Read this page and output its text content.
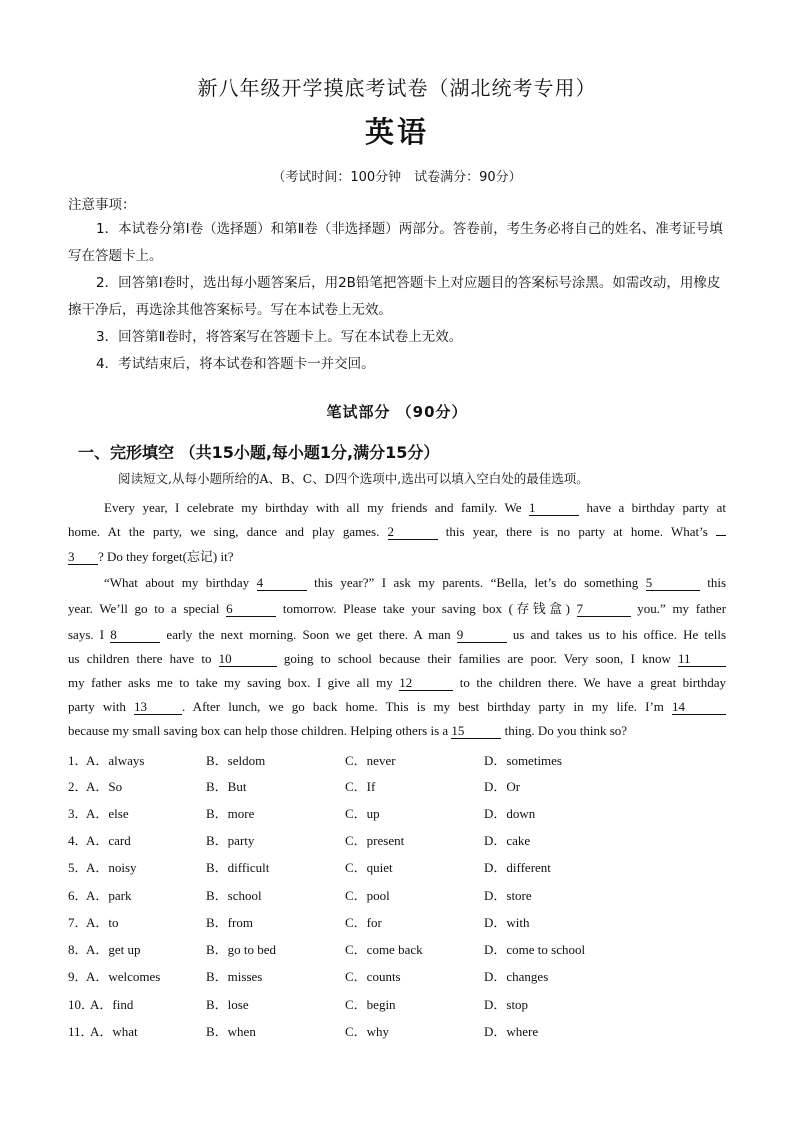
新八年级开学摸底考试卷（湖北统考专用）
英语
（考试时间：100分钟　试卷满分：90分）
注意事项：
1．本试卷分第Ⅰ卷（选择题）和第Ⅱ卷（非选择题）两部分。答卷前，考生务必将自己的姓名、准考证号填写在答题卡上。
2．回答第Ⅰ卷时，选出每小题答案后，用2B铅笔把答题卡上对应题目的答案标号涂黑。如需改动，用橡皮擦干净后，再选涂其他答案标号。写在本试卷上无效。
3．回答第Ⅱ卷时，将答案写在答题卡上。写在本试卷上无效。
4．考试结束后，将本试卷和答题卡一并交回。
笔试部分 （90分）
一、完形填空 （共15小题,每小题1分,满分15分）
阅读短文,从每小题所给的A、B、C、D四个选项中,选出可以填入空白处的最佳选项。
Every year, I celebrate my birthday with all my friends and family. We 1	have a birthday party at
home. At the party, we sing, dance and play games. 2	this year, there is no party at home. What’s
3 ? Do they forget(忘记) it?
“What about my birthday 4	this year?” I ask my parents. “Bella, let’s do something 5	this
year. We’ll go to a special 6	tomorrow. Please take your saving box (存钱盒) 7	you.” my father
says. I 8	early the next morning. Soon we get there. A man 9	us and takes us to his office. He tells
us children there have to 10	going to school because their families are poor. Very soon, I know 11
my father asks me to take my saving box. I give all my 12	to the children there. We have a great birthday
party with 13	. After lunch, we go back home. This is my best birthday party in my life. I’m 14
because my small saving box can help those children. Helping others is a 15	thing. Do you think so?
1．
A．always	B．seldom	C．never	D．sometimes
2．
A．So	B．But	C．If	D．Or
3．
A．else	B．more	C．up	D．down
4．
A．card	B．party	C．present	D．cake
5．
A．noisy	B．difficult	C．quiet	D．different
6．
A．park	B．school	C．pool	D．store
7．
A．to	B．from	C．for	D．with
8．
A．get up	B．go to bed	C．come back	D．come to school
9．
A．welcomes	B．misses	C．counts	D．changes
10．
A．find	B．lose	C．begin	D．stop
11．
A．what	B．when	C．why	D．where
